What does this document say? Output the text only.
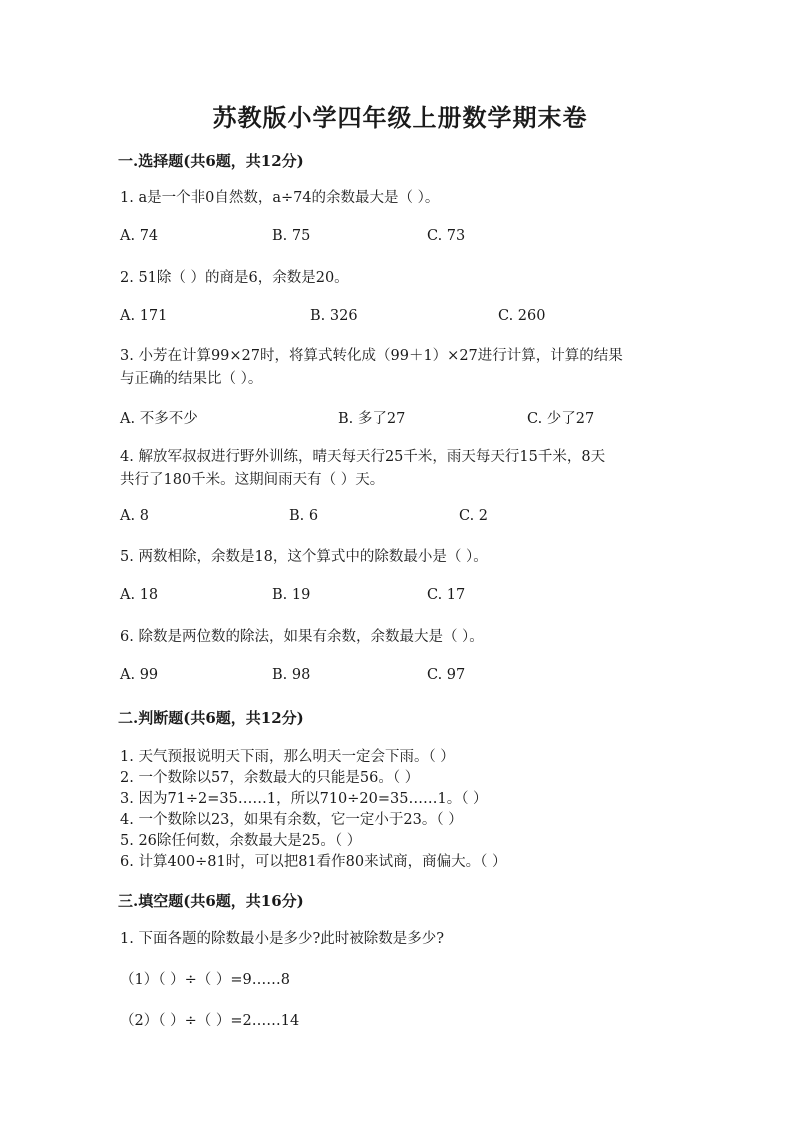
苏教版小学四年级上册数学期末卷
一.选择题(共6题，共12分)
1. a是一个非0自然数，a÷74的余数最大是（ ）。
A. 74	B. 75	C. 73
2. 51除（ ）的商是6，余数是20。
A. 171	B. 326	C. 260
3. 小芳在计算99×27时，将算式转化成（99＋1）×27进行计算，计算的结果
与正确的结果比（ ）。
A. 不多不少	B. 多了27	C. 少了27
4. 解放军叔叔进行野外训练，晴天每天行25千米，雨天每天行15千米，8天
共行了180千米。这期间雨天有（ ）天。
A. 8	B. 6	C. 2
5. 两数相除，余数是18，这个算式中的除数最小是（ ）。
A. 18	B. 19	C. 17
6. 除数是两位数的除法，如果有余数，余数最大是（ ）。
A. 99	B. 98	C. 97
二.判断题(共6题，共12分)
1. 天气预报说明天下雨，那么明天一定会下雨。（ ）
2. 一个数除以57，余数最大的只能是56。（ ）
3. 因为71÷2=35……1，所以710÷20=35……1。（ ）
4. 一个数除以23，如果有余数，它一定小于23。（ ）
5. 26除任何数，余数最大是25。（ ）
6. 计算400÷81时，可以把81看作80来试商，商偏大。（ ）
三.填空题(共6题，共16分)
1. 下面各题的除数最小是多少?此时被除数是多少?
（1）（ ）÷（ ）=9……8
（2）（ ）÷（ ）=2……14
